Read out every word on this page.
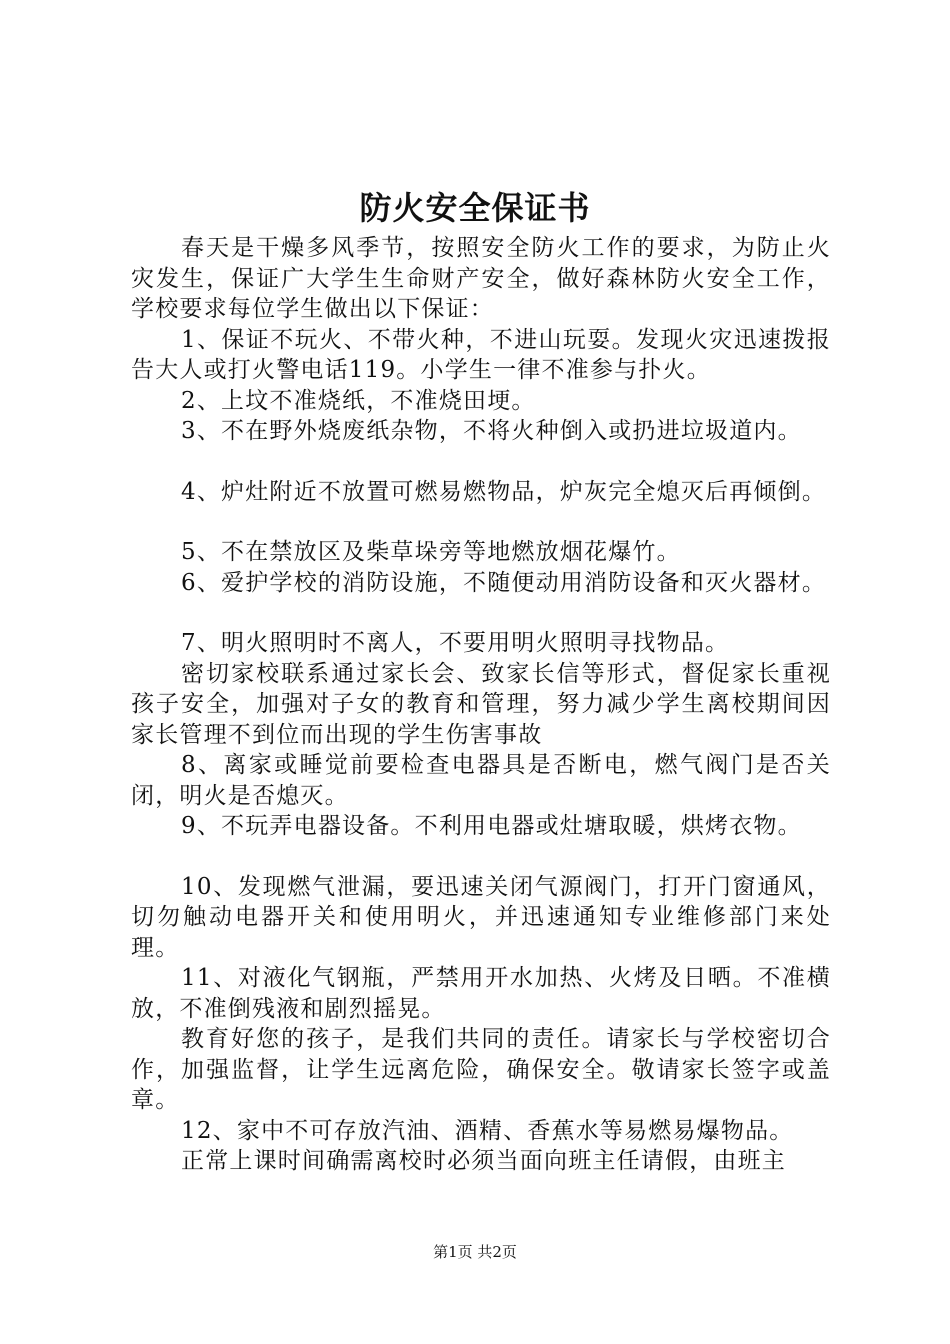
防火安全保证书

春天是干燥多风季节，按照安全防火工作的要求，为防止火灾发生，保证广大学生生命财产安全，做好森林防火安全工作，学校要求每位学生做出以下保证：

1、保证不玩火、不带火种，不进山玩耍。发现火灾迅速拨报告大人或打火警电话119。小学生一律不准参与扑火。

2、上坟不准烧纸，不准烧田埂。

3、不在野外烧废纸杂物，不将火种倒入或扔进垃圾道内。

4、炉灶附近不放置可燃易燃物品，炉灰完全熄灭后再倾倒。

5、不在禁放区及柴草垛旁等地燃放烟花爆竹。

6、爱护学校的消防设施，不随便动用消防设备和灭火器材。

7、明火照明时不离人，不要用明火照明寻找物品。

密切家校联系通过家长会、致家长信等形式，督促家长重视孩子安全，加强对子女的教育和管理，努力减少学生离校期间因家长管理不到位而出现的学生伤害事故

8、离家或睡觉前要检查电器具是否断电，燃气阀门是否关闭，明火是否熄灭。

9、不玩弄电器设备。不利用电器或灶塘取暖，烘烤衣物。

10、发现燃气泄漏，要迅速关闭气源阀门，打开门窗通风，切勿触动电器开关和使用明火，并迅速通知专业维修部门来处理。

11、对液化气钢瓶，严禁用开水加热、火烤及日晒。不准横放，不准倒残液和剧烈摇晃。

教育好您的孩子，是我们共同的责任。请家长与学校密切合作，加强监督，让学生远离危险，确保安全。敬请家长签字或盖章。

12、家中不可存放汽油、酒精、香蕉水等易燃易爆物品。

正常上课时间确需离校时必须当面向班主任请假，由班主

第1页 共2页
